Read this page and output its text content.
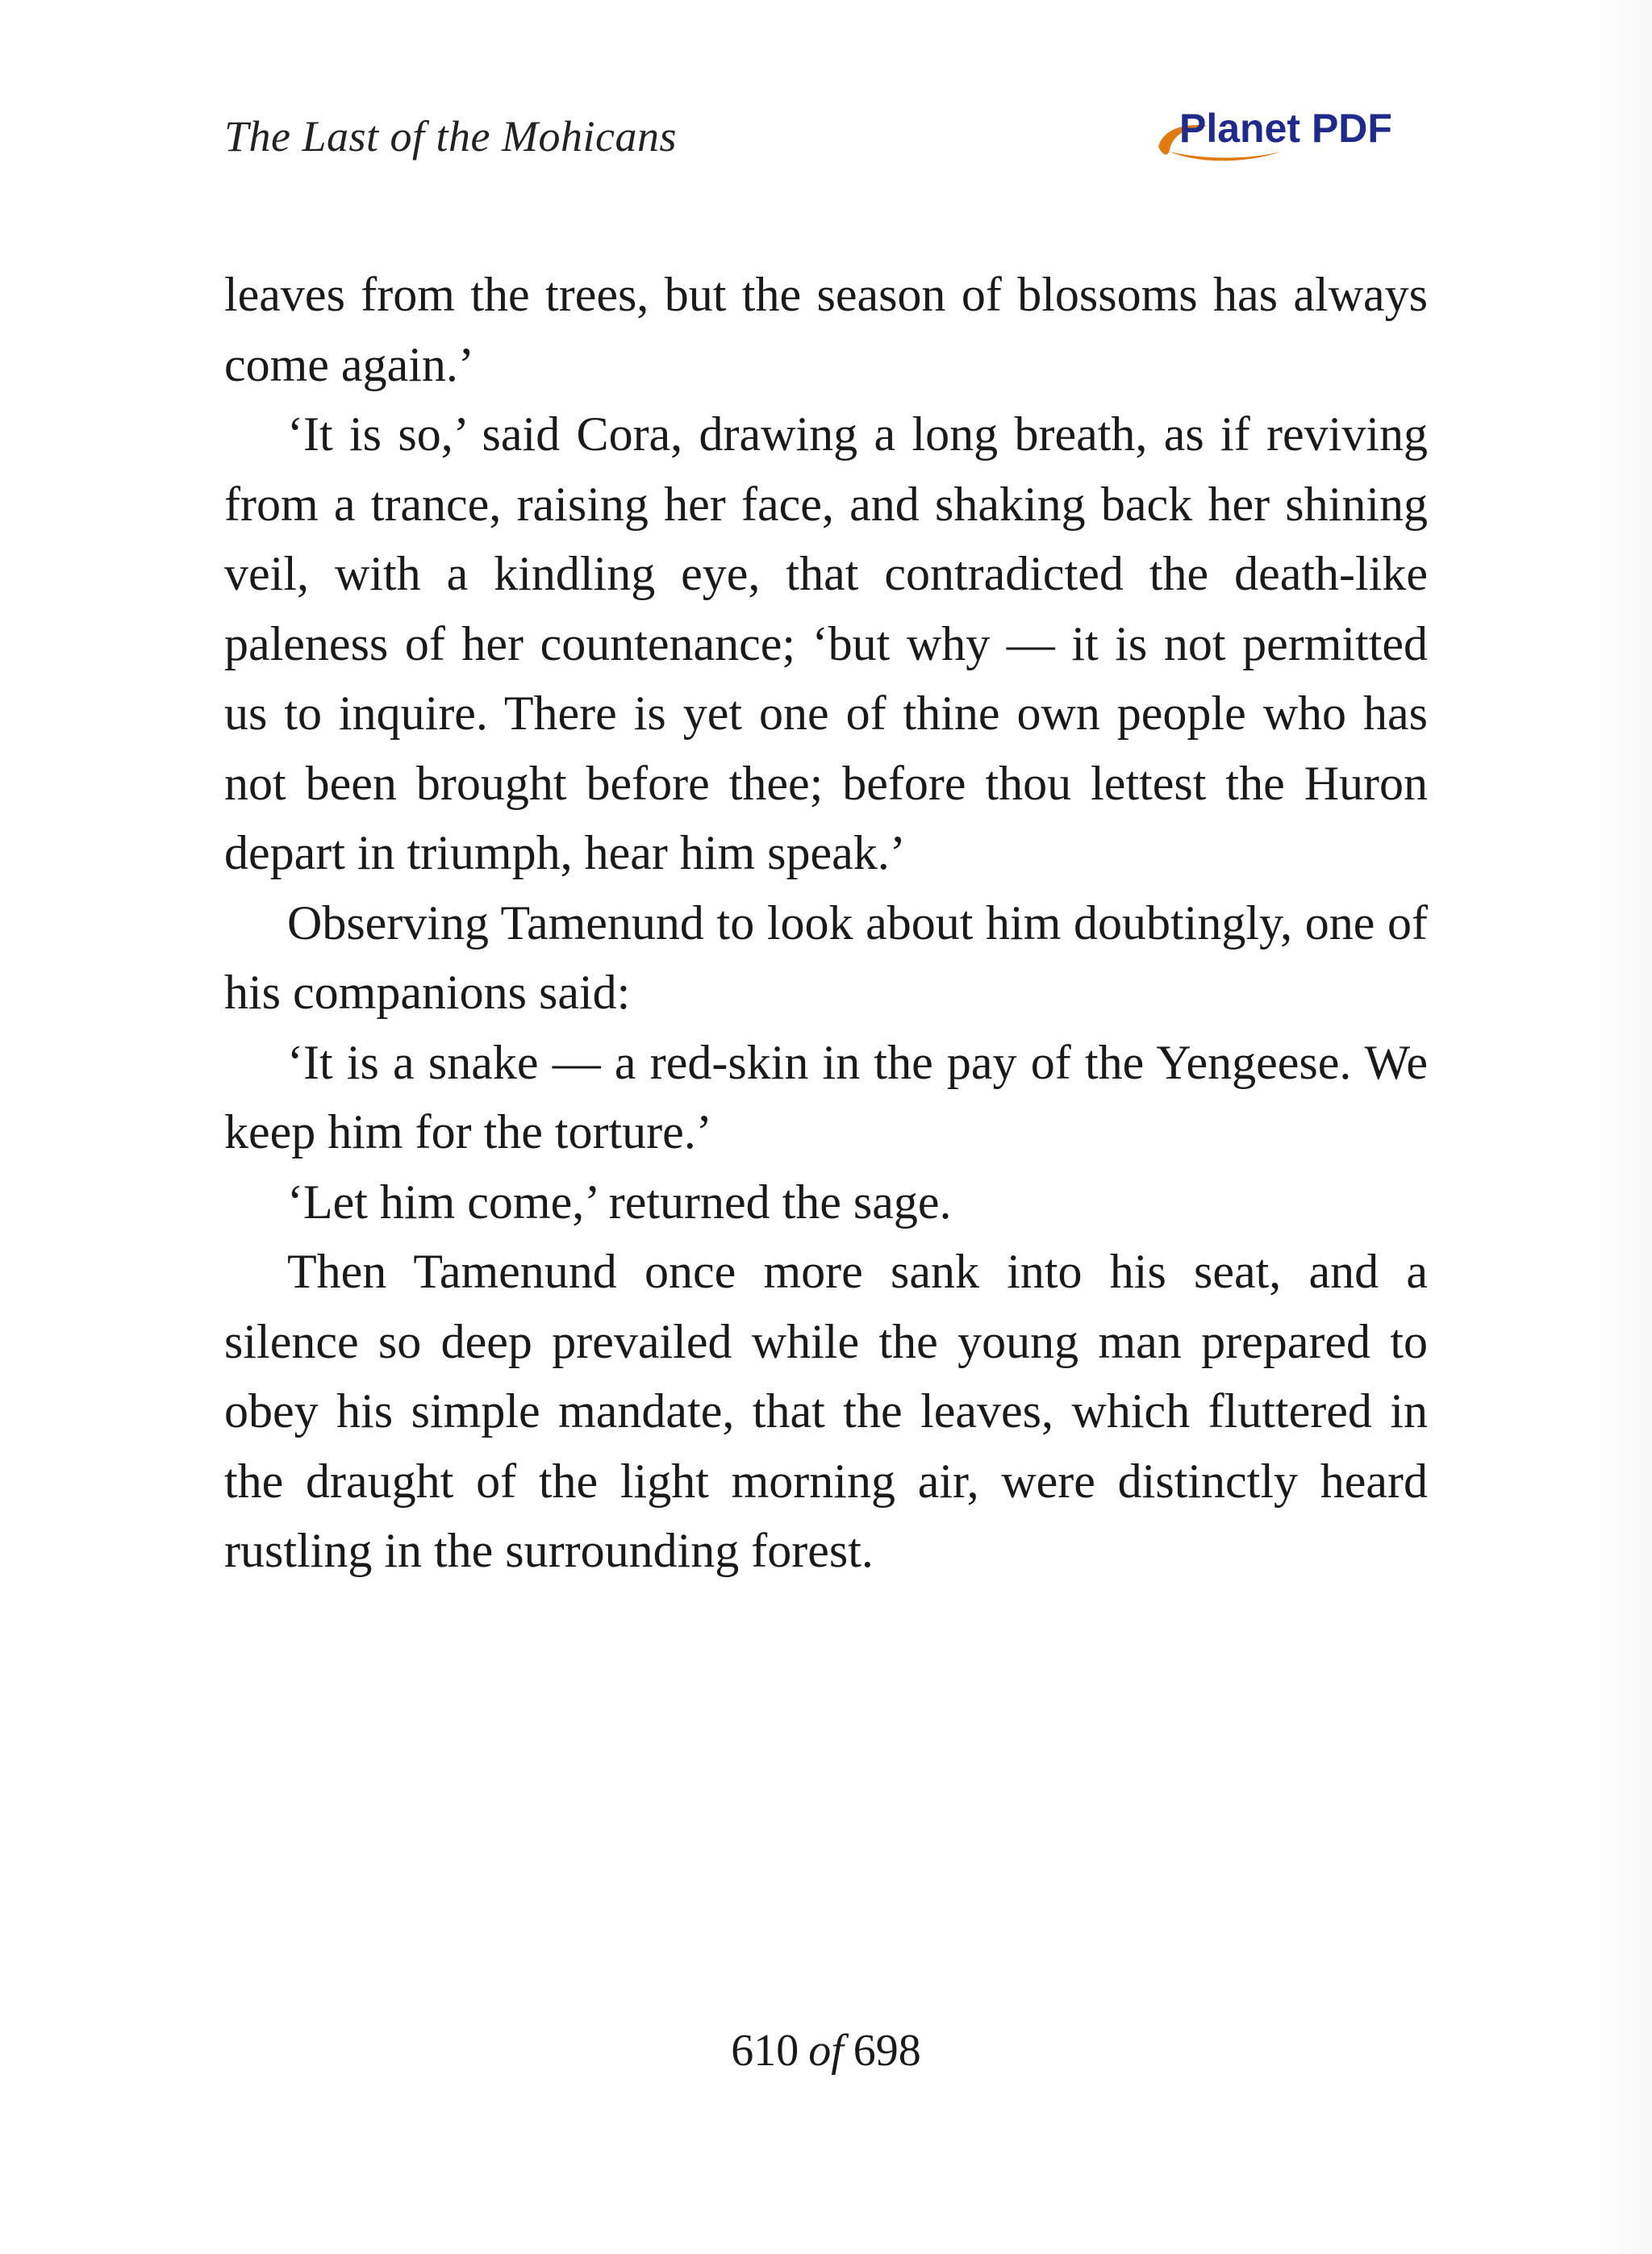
The Last of the Mohicans	Planet PDF

leaves from the trees, but the season of blossoms has always come again.’

‘It is so,’ said Cora, drawing a long breath, as if reviving from a trance, raising her face, and shaking back her shining veil, with a kindling eye, that contradicted the death-like paleness of her countenance; ‘but why — it is not permitted us to inquire. There is yet one of thine own people who has not been brought before thee; before thou lettest the Huron depart in triumph, hear him speak.’

Observing Tamenund to look about him doubtingly, one of his companions said:

‘It is a snake — a red-skin in the pay of the Yengeese. We keep him for the torture.’

‘Let him come,’ returned the sage.

Then Tamenund once more sank into his seat, and a silence so deep prevailed while the young man prepared to obey his simple mandate, that the leaves, which fluttered in the draught of the light morning air, were distinctly heard rustling in the surrounding forest.

610 of 698
